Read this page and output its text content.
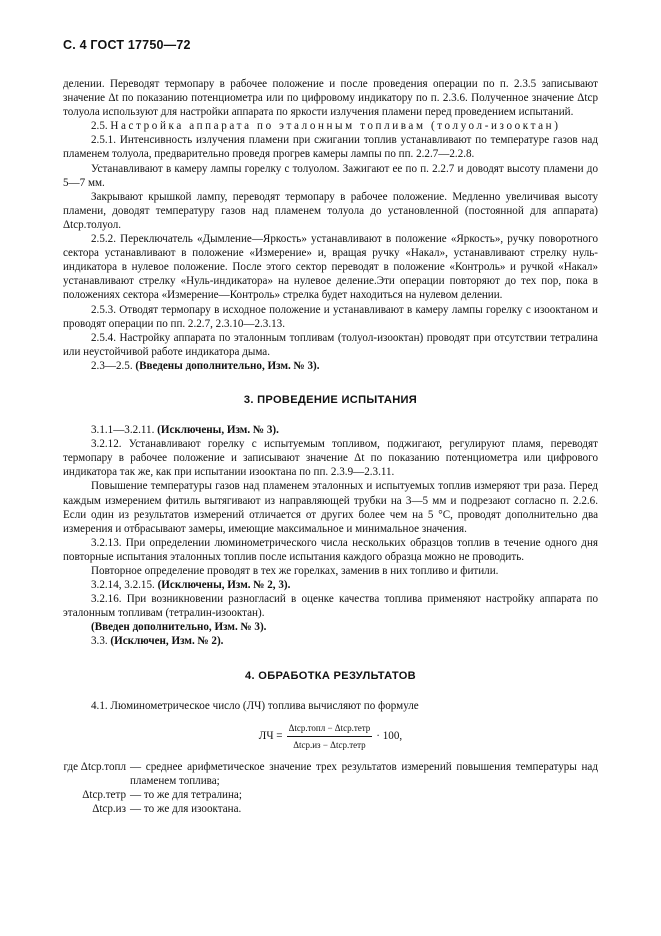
С. 4 ГОСТ 17750—72

делении. Переводят термопару в рабочее положение и после проведения операции по п. 2.3.5 записывают значение Δt по показанию потенциометра или по цифровому индикатору по п. 2.3.6. Полученное значение Δtср толуола используют для настройки аппарата по яркости излучения пламени перед проведением испытаний.

2.5. Настройка аппарата по эталонным топливам (толуол-изооктан)

2.5.1. Интенсивность излучения пламени при сжигании топлив устанавливают по температуре газов над пламенем толуола, предварительно проведя прогрев камеры лампы по пп. 2.2.7—2.2.8.

Устанавливают в камеру лампы горелку с толуолом. Зажигают ее по п. 2.2.7 и доводят высоту пламени до 5—7 мм.

Закрывают крышкой лампу, переводят термопару в рабочее положение. Медленно увеличивая высоту пламени, доводят температуру газов над пламенем толуола до установленной (постоянной для аппарата) Δtср.толуол.

2.5.2. Переключатель «Дымление—Яркость» устанавливают в положение «Яркость», ручку поворотного сектора устанавливают в положение «Измерение» и, вращая ручку «Накал», устанавливают стрелку нуль-индикатора в нулевое положение. После этого сектор переводят в положение «Контроль» и ручкой «Накал» устанавливают стрелку «Нуль-индикатора» на нулевое деление.Эти операции повторяют до тех пор, пока в положениях сектора «Измерение—Контроль» стрелка будет находиться на нулевом делении.

2.5.3. Отводят термопару в исходное положение и устанавливают в камеру лампы горелку с изооктаном и проводят операции по пп. 2.2.7, 2.3.10—2.3.13.

2.5.4. Настройку аппарата по эталонным топливам (толуол-изооктан) проводят при отсутствии тетралина или неустойчивой работе индикатора дыма.

2.3—2.5. (Введены дополнительно, Изм. № 3).

3. ПРОВЕДЕНИЕ ИСПЫТАНИЯ

3.1.1—3.2.11. (Исключены, Изм. № 3).

3.2.12. Устанавливают горелку с испытуемым топливом, поджигают, регулируют пламя, переводят термопару в рабочее положение и записывают значение Δt по показанию потенциометра или цифрового индикатора так же, как при испытании изооктана по пп. 2.3.9—2.3.11.

Повышение температуры газов над пламенем эталонных и испытуемых топлив измеряют три раза. Перед каждым измерением фитиль вытягивают из направляющей трубки на 3—5 мм и подрезают согласно п. 2.2.6. Если один из результатов измерений отличается от других более чем на 5 °С, проводят дополнительно два измерения и отбрасывают замеры, имеющие максимальное и минимальное значения.

3.2.13. При определении люминометрического числа нескольких образцов топлив в течение одного дня повторные испытания эталонных топлив после испытания каждого образца можно не проводить.

Повторное определение проводят в тех же горелках, заменив в них топливо и фитили.

3.2.14, 3.2.15. (Исключены, Изм. № 2, 3).

3.2.16. При возникновении разногласий в оценке качества топлива применяют настройку аппарата по эталонным топливам (тетралин-изооктан).

(Введен дополнительно, Изм. № 3).

3.3. (Исключен, Изм. № 2).

4. ОБРАБОТКА РЕЗУЛЬТАТОВ

4.1. Люминометрическое число (ЛЧ) топлива вычисляют по формуле

ЛЧ = $\frac{\text{Δtср.топл − Δtср.тетр}}{\text{Δtср.из − Δtср.тетр}} \cdot 100$,
где Δtср.топл — среднее арифметическое значение трех результатов измерений повышения температуры над пламенем топлива;
Δtср.тетр — то же для тетралина;
Δtср.из — то же для изооктана.
